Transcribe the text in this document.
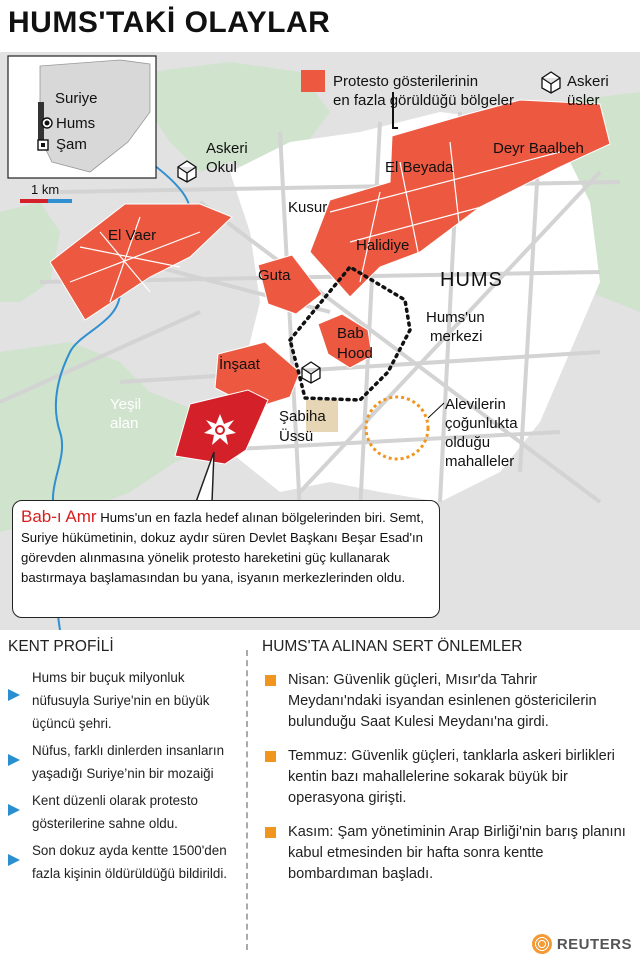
HUMS'TAKİ OLAYLAR
Suriye
Hums
Şam
1 km
Protesto gösterilerinin
en fazla görüldüğü bölgeler
Askeri
üsler
Askeri
Okul
El Vaer
Kusur
El Beyada
Deyr Baalbeh
Halidiye
Guta	HUMS
Hums'un
merkezi
Bab
Hood
İnşaat
Yeşil
alan	Şabiha
Üssü
Alevilerin
çoğunlukta
olduğu
mahalleler
Bab-ı Amr Hums'un en fazla hedef alınan bölgelerinden biri. Semt, Suriye hükümetinin, dokuz aydır süren Devlet Başkanı Beşar Esad'ın görevden alınmasına yönelik protesto hareketini güç kullanarak bastırmaya başlamasından bu yana, isyanın merkezlerinden oldu.
KENT PROFİLİ
Hums bir buçuk milyonluk nüfusuyla Suriye'nin en büyük üçüncü şehri.
Nüfus, farklı dinlerden insanların yaşadığı Suriye’nin bir mozaiği
Kent düzenli olarak protesto gösterilerine sahne oldu.
Son dokuz ayda kentte 1500'den fazla kişinin öldürüldüğü bildirildi.
HUMS'TA ALINAN SERT ÖNLEMLER
Nisan: Güvenlik güçleri, Mısır'da Tahrir Meydanı'ndaki isyandan esinlenen göstericilerin bulunduğu Saat Kulesi Meydanı'na girdi.
Temmuz: Güvenlik güçleri, tanklarla askeri birlikleri kentin bazı mahallelerine sokarak büyük bir operasyona girişti.
Kasım: Şam yönetiminin Arap Birliği'nin barış planını kabul etmesinden bir hafta sonra kentte bombardıman başladı.
REUTERS
